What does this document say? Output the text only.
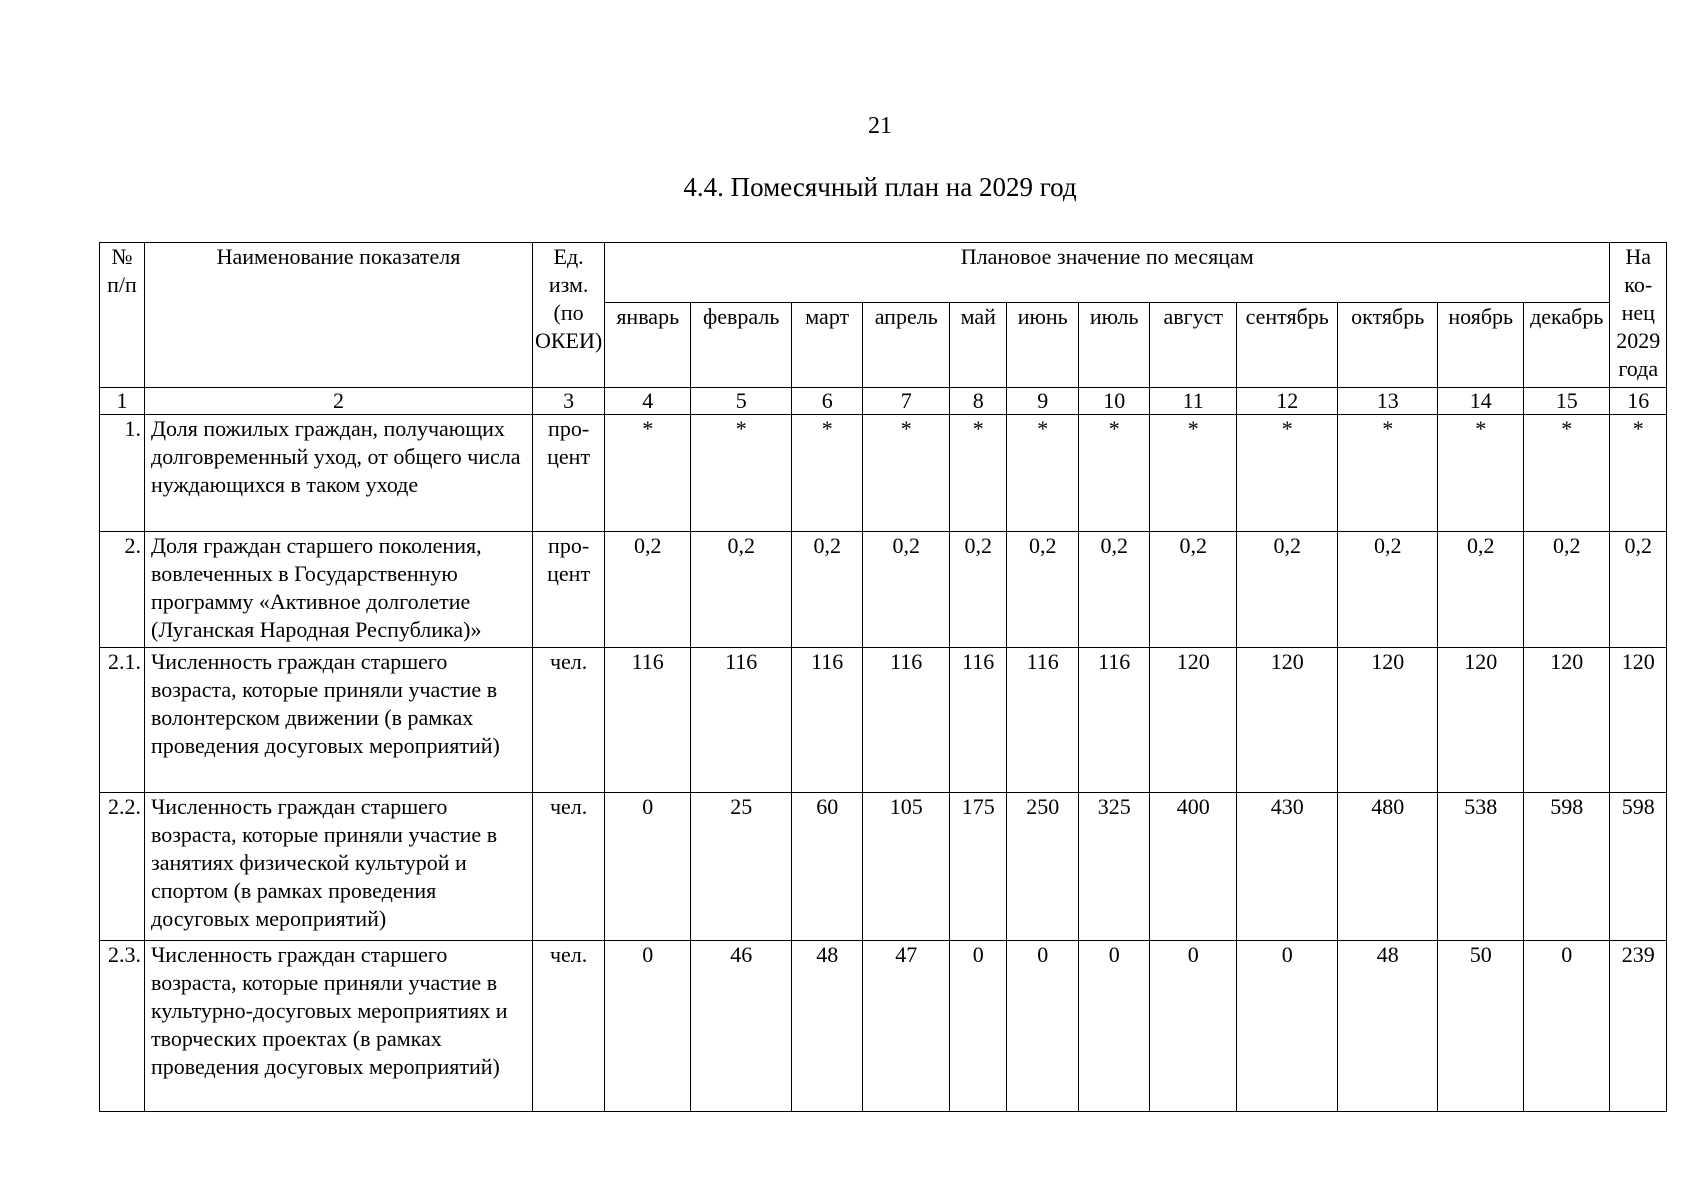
21
4.4. Помесячный план на 2029 год
№ п/п	Наименование показателя	Ед. изм. (по ОКЕИ)	Плановое значение по месяцам												На ко- нец 2029 года
			январь	февраль	март	апрель	май	июнь	июль	август	сентябрь	октябрь	ноябрь	декабрь	
1	2	3	4	5	6	7	8	9	10	11	12	13	14	15	16
1.	Доля пожилых граждан, получающих долговременный уход, от общего числа нуждающихся в таком уходе	про- цент	*	*	*	*	*	*	*	*	*	*	*	*	*
2.	Доля граждан старшего поколения, вовлеченных в Государственную программу «Активное долголетие (Луганская Народная Республика)»	про- цент	0,2	0,2	0,2	0,2	0,2	0,2	0,2	0,2	0,2	0,2	0,2	0,2	0,2
2.1.	Численность граждан старшего возраста, которые приняли участие в волонтерском движении (в рамках проведения досуговых мероприятий)	чел.	116	116	116	116	116	116	116	120	120	120	120	120	120
2.2.	Численность граждан старшего возраста, которые приняли участие в занятиях физической культурой и спортом (в рамках проведения досуговых мероприятий)	чел.	0	25	60	105	175	250	325	400	430	480	538	598	598
2.3.	Численность граждан старшего возраста, которые приняли участие в культурно-досуговых мероприятиях и творческих проектах (в рамках проведения досуговых мероприятий)	чел.	0	46	48	47	0	0	0	0	0	48	50	0	239
